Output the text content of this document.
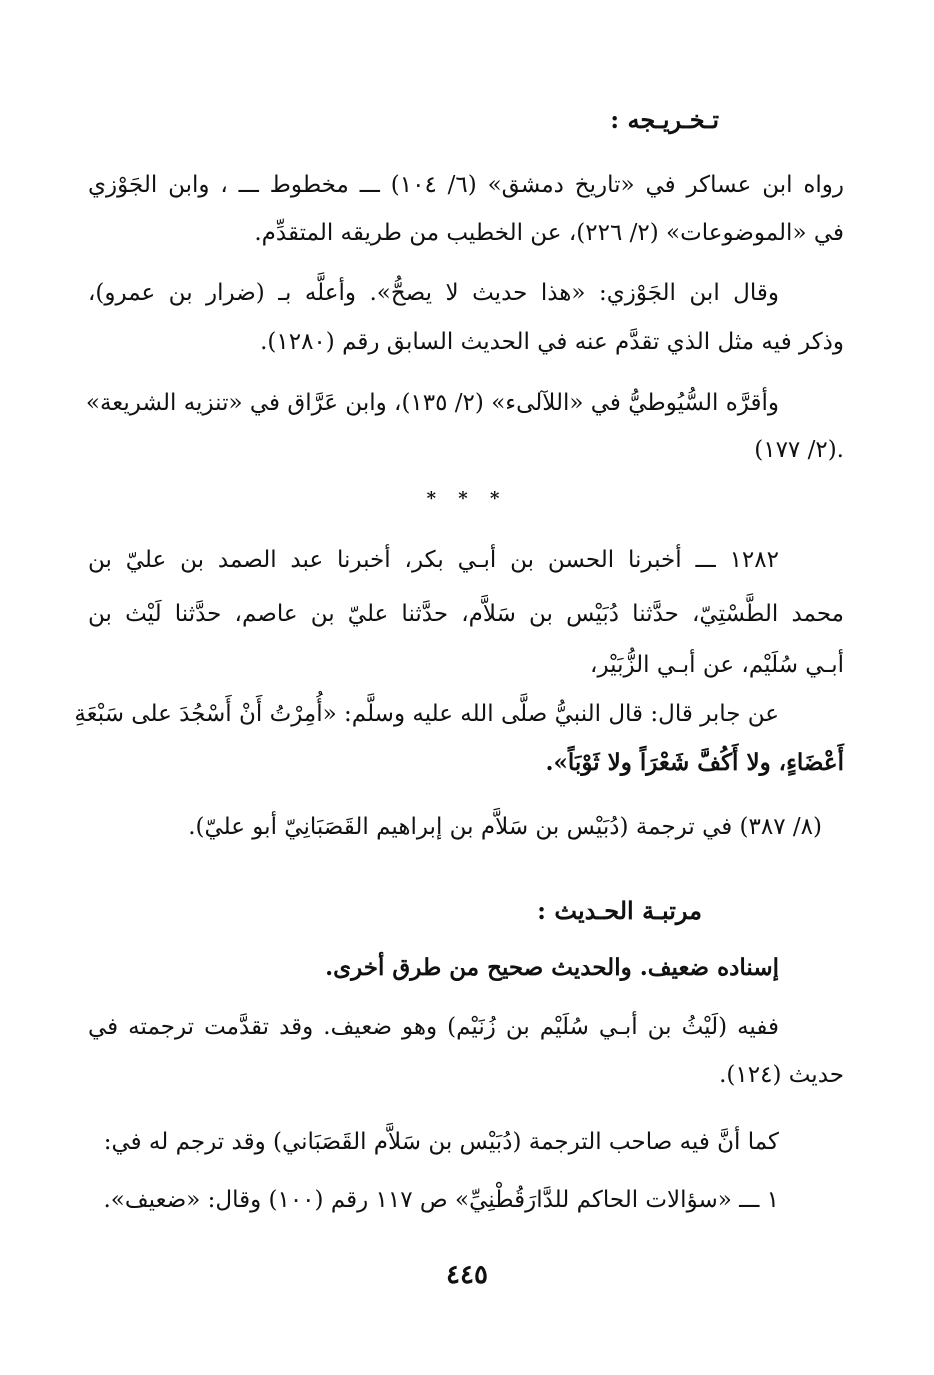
تـخـريـجه :
رواه ابن عساكر في «تاريخ دمشق» (٦/ ١٠٤) ـــ مخطوط ـــ ، وابن الجَوْزي
في «الموضوعات» (٢/ ٢٢٦)، عن الخطيب من طريقه المتقدِّم.
وقال ابن الجَوْزي: «هذا حديث لا يصحُّ». وأعلَّه بـ (ضرار بن عمرو)،
وذكر فيه مثل الذي تقدَّم عنه في الحديث السابق رقم (١٢٨٠).
وأقرَّه السُّيُوطيُّ في «اللآلىء» (٢/ ١٣٥)، وابن عَرَّاق في «تنزيه الشريعة»
(٢/ ١٧٧).
* * *
١٢٨٢ ـــ أخبرنا الحسن بن أبـي بكر، أخبرنا عبد الصمد بن عليّ بن
محمد الطَّسْتِيّ، حدَّثنا دُبَيْس بن سَلاَّم، حدَّثنا عليّ بن عاصم، حدَّثنا لَيْث بن
أبـي سُلَيْم، عن أبـي الزُّبَيْر،
عن جابر قال: قال النبيُّ صلَّى الله عليه وسلَّم: «أُمِرْتُ أَنْ أَسْجُدَ على سَبْعَةِ
أَعْضَاءٍ، ولا أَكُفَّ شَعْرَاً ولا ثَوْبَاً».
(٨/ ٣٨٧) في ترجمة (دُبَيْس بن سَلاَّم بن إبراهيم القَصَبَانِيّ أبو عليّ).
مرتبـة الحـديث :
إسناده ضعيف. والحديث صحيح من طرق أخرى.
ففيه (لَيْثُ بن أبـي سُلَيْم بن زُنَيْم) وهو ضعيف. وقد تقدَّمت ترجمته في
حديث (١٢٤).
كما أنَّ فيه صاحب الترجمة (دُبَيْس بن سَلاَّم القَصَبَاني) وقد ترجم له في:
١ ـــ «سؤالات الحاكم للدَّارَقُطْنِيِّ» ص ١١٧ رقم (١٠٠) وقال: «ضعيف».
٤٤٥
